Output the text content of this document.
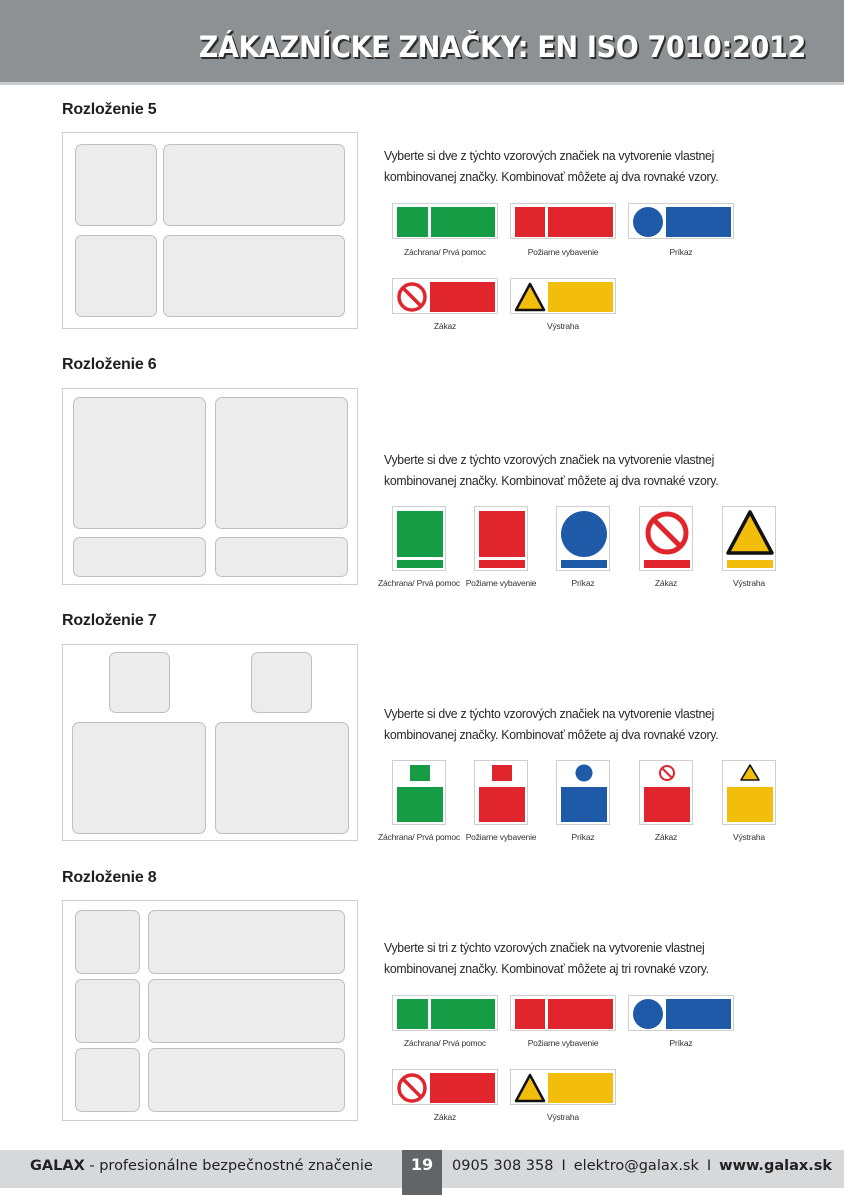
ZÁKAZNÍCKE ZNAČKY: EN ISO 7010:2012
Rozloženie 5
Vyberte si dve z týchto vzorových značiek na vytvorenie vlastnej kombinovanej značky. Kombinovať môžete aj dva rovnaké vzory.
Záchrana/ Prvá pomoc	Požiarne vybavenie	Príkaz
Zákaz	Výstraha
Rozloženie 6
Vyberte si dve z týchto vzorových značiek na vytvorenie vlastnej kombinovanej značky. Kombinovať môžete aj dva rovnaké vzory.
Záchrana/ Prvá pomoc Požiarne vybavenie	Príkaz	Zákaz	Výstraha
Rozloženie 7
Vyberte si dve z týchto vzorových značiek na vytvorenie vlastnej kombinovanej značky. Kombinovať môžete aj dva rovnaké vzory.
Záchrana/ Prvá pomoc Požiarne vybavenie	Príkaz	Zákaz	Výstraha
Rozloženie 8
Vyberte si tri z týchto vzorových značiek na vytvorenie vlastnej kombinovanej značky. Kombinovať môžete aj tri rovnaké vzory.
Záchrana/ Prvá pomoc	Požiarne vybavenie	Príkaz
Zákaz	Výstraha
GALAX - profesionálne bezpečnostné značenie	19	0905 308 358 I elektro@galax.sk I www.galax.sk
